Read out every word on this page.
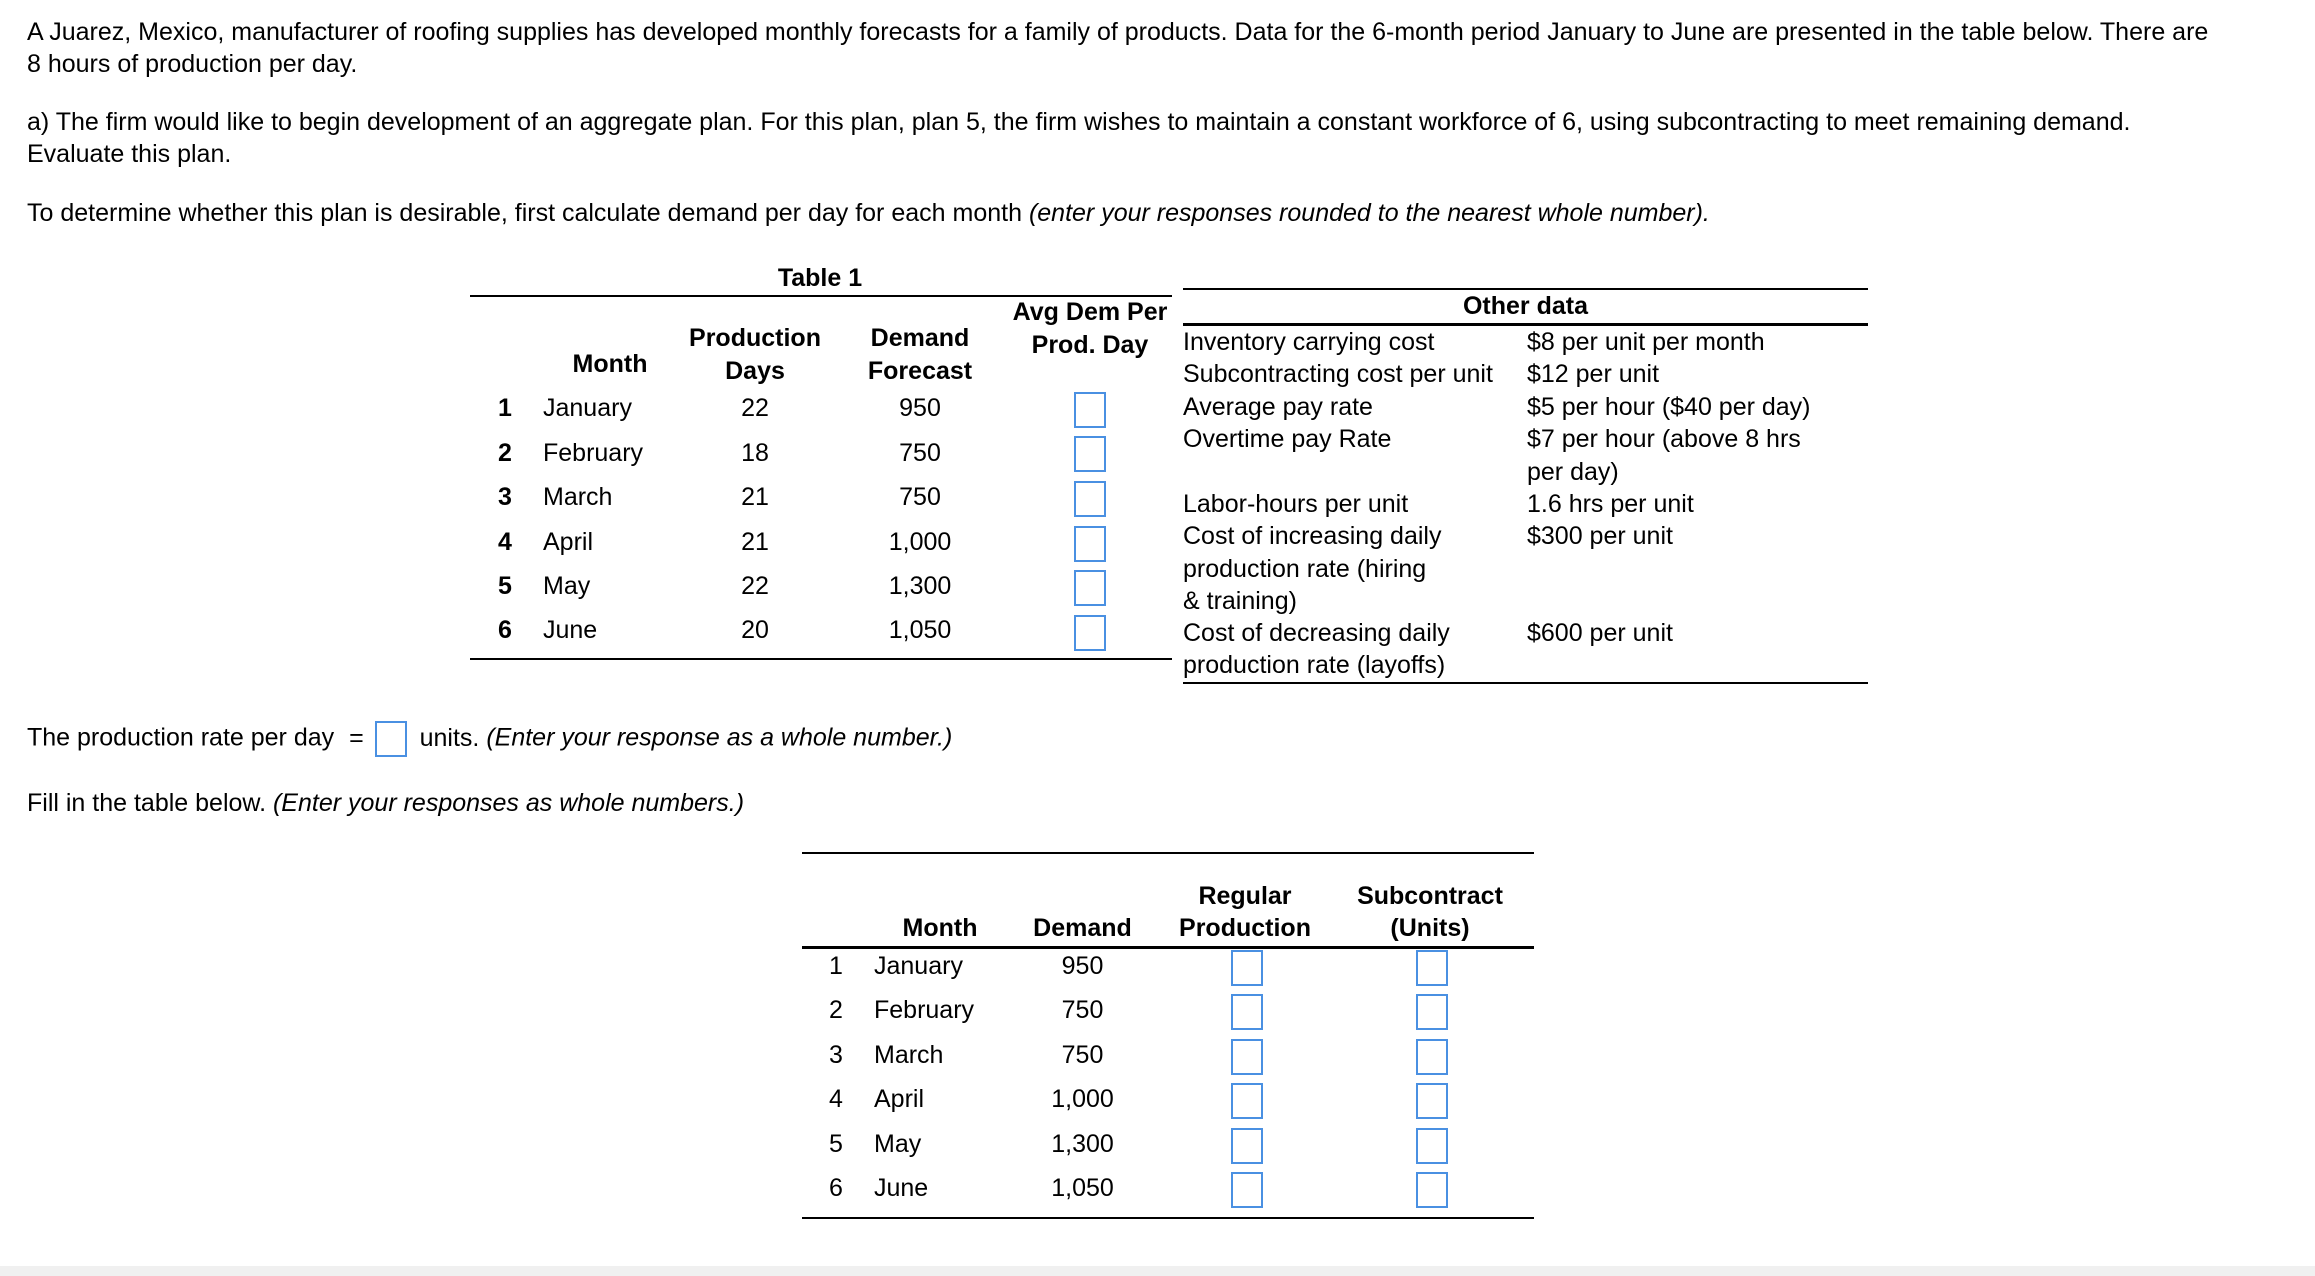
A Juarez, Mexico, manufacturer of roofing supplies has developed monthly forecasts for a family of products. Data for the 6-month period January to June are presented in the table below. There are

8 hours of production per day.

a) The firm would like to begin development of an aggregate plan. For this plan, plan 5, the firm wishes to maintain a constant workforce of 6, using subcontracting to meet remaining demand.

Evaluate this plan.

To determine whether this plan is desirable, first calculate demand per day for each month (enter your responses rounded to the nearest whole number).

Table 1
Month
Production
Days
Demand
Forecast
Avg Dem Per
Prod. Day
1 January	22	950
2 February	18	750
3 March	21	750
4 April	21	1,000
5 May	22	1,300
6 June	20	1,050
Other data
Inventory carrying cost	$8 per unit per month
Subcontracting cost per unit $12 per unit
Average pay rate	$5 per hour ($40 per day)
Overtime pay Rate	$7 per hour (above 8 hrs
per day)
Labor-hours per unit	1.6 hrs per unit
Cost of increasing daily	$300 per unit
production rate (hiring
& training)
Cost of decreasing daily	$600 per unit
production rate (layoffs)

The production rate per day = units. (Enter your response as a whole number.)

Fill in the table below. (Enter your responses as whole numbers.)

Month	Demand
Regular
Production
Subcontract
(Units)
1 January	950
2 February	750
3 March	750
4 April	1,000
5 May	1,300
6 June	1,050
